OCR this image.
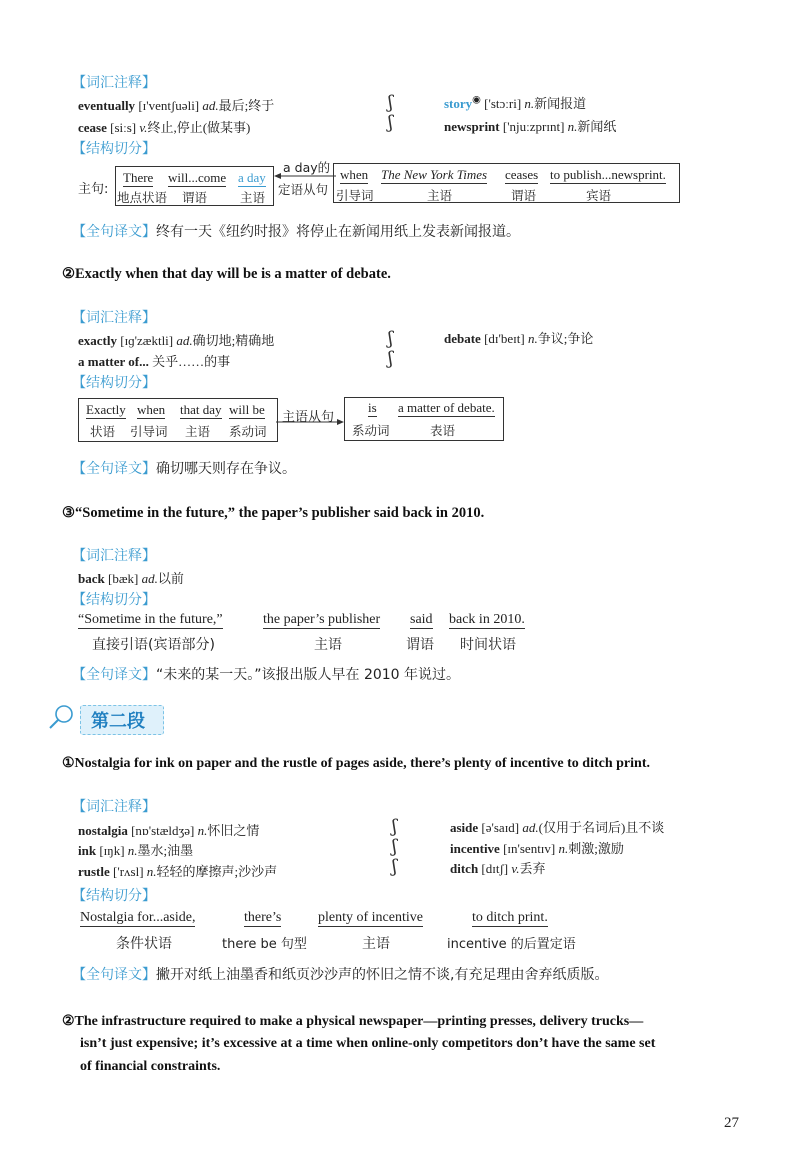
【词汇注释】
eventually [ɪ'ventʃuəli] ad.最后;终于
cease [siːs] v.终止,停止(做某事)
ʃ
ʃ
story◉ ['stɔːri] n.新闻报道
newsprint ['njuːzprɪnt] n.新闻纸
【结构切分】
主句:
There
地点状语
will...come
谓语
a day
主语
a day的
定语从句
when
引导词
The New York Times
主语
ceases
谓语
to publish...newsprint.
宾语
【全句译文】终有一天《纽约时报》将停止在新闻用纸上发表新闻报道。
②Exactly when that day will be is a matter of debate.
【词汇注释】
exactly [ɪɡ'zæktli] ad.确切地;精确地
a matter of... 关乎……的事
ʃ
ʃ
debate [dɪ'beɪt] n.争议;争论
【结构切分】
Exactly
状语
when
引导词
that day
主语
will be
系动词
主语从句
is
系动词
a matter of debate.
表语
【全句译文】确切哪天则存在争议。
③“Sometime in the future,” the paper’s publisher said back in 2010.
【词汇注释】
back [bæk] ad.以前
【结构切分】
“Sometime in the future,”
直接引语(宾语部分)
the paper’s publisher
主语
said
谓语
back in 2010.
时间状语
【全句译文】“未来的某一天。”该报出版人早在 2010 年说过。
第二段
①Nostalgia for ink on paper and the rustle of pages aside, there’s plenty of incentive to ditch print.
【词汇注释】
nostalgia [nɒ'stældʒə] n.怀旧之情
ink [ɪŋk] n.墨水;油墨
rustle ['rʌsl] n.轻轻的摩擦声;沙沙声
ʃ
ʃ
ʃ
aside [ə'saɪd] ad.(仅用于名词后)且不谈
incentive [ɪn'sentɪv] n.刺激;激励
ditch [dɪtʃ] v.丢弃
【结构切分】
Nostalgia for...aside,
条件状语
there’s
there be 句型
plenty of incentive
主语
to ditch print.
incentive 的后置定语
【全句译文】撇开对纸上油墨香和纸页沙沙声的怀旧之情不谈,有充足理由舍弃纸质版。
②The infrastructure required to make a physical newspaper—printing presses, delivery trucks—
isn’t just expensive; it’s excessive at a time when online-only competitors don’t have the same set
of financial constraints.
27
